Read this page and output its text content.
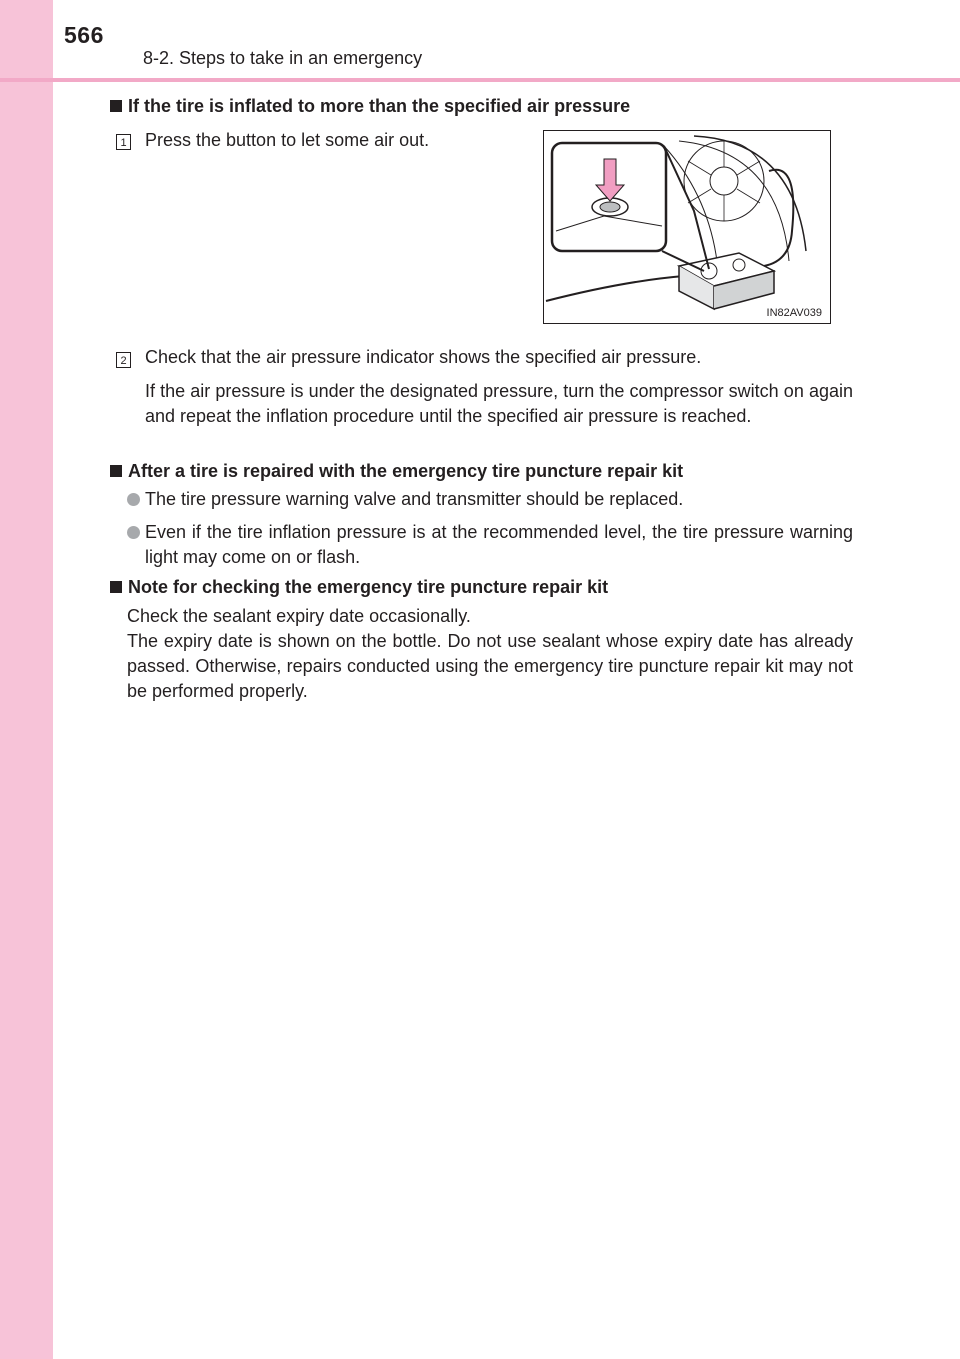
566
8-2. Steps to take in an emergency
If the tire is inflated to more than the specified air pressure
1 Press the button to let some air out.
IN82AV039
2 Check that the air pressure indicator shows the specified air pressure.
If the air pressure is under the designated pressure, turn the compressor switch on again and repeat the inflation procedure until the specified air pressure is reached.
After a tire is repaired with the emergency tire puncture repair kit
The tire pressure warning valve and transmitter should be replaced.
Even if the tire inflation pressure is at the recommended level, the tire pressure warning light may come on or flash.
Note for checking the emergency tire puncture repair kit
Check the sealant expiry date occasionally.
The expiry date is shown on the bottle. Do not use sealant whose expiry date has already passed. Otherwise, repairs conducted using the emergency tire puncture repair kit may not be performed properly.
